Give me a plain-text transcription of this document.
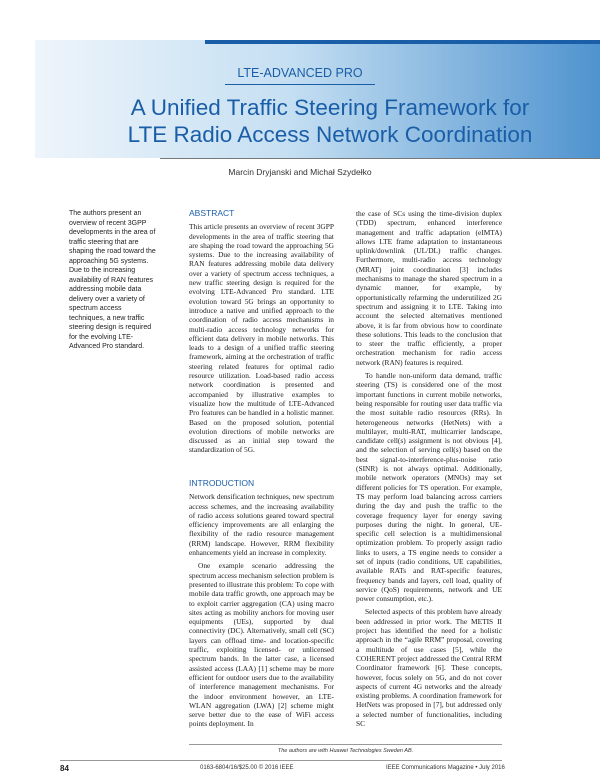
LTE-ADVANCED PRO
A Unified Traffic Steering Framework for
LTE Radio Access Network Coordination
Marcin Dryjanski and Michał Szydełko
The authors present an overview of recent 3GPP developments in the area of traffic steering that are shaping the road toward the approaching 5G systems. Due to the increasing availability of RAN features addressing mobile data delivery over a variety of spectrum access techniques, a new traffic steering design is required for the evolving LTE-Advanced Pro standard.
ABSTRACT

This article presents an overview of recent 3GPP developments in the area of traffic steering that are shaping the road toward the approaching 5G systems. Due to the increasing availability of RAN features addressing mobile data delivery over a variety of spectrum access techniques, a new traffic steering design is required for the evolving LTE-Advanced Pro standard. LTE evolution toward 5G brings an opportunity to introduce a native and unified approach to the coordination of radio access mechanisms in multi-radio access technology networks for efficient data delivery in mobile networks. This leads to a design of a unified traffic steering framework, aiming at the orchestration of traffic steering related features for optimal radio resource utilization. Load-based radio access network coordination is presented and accompanied by illustrative examples to visualize how the multitude of LTE-Advanced Pro features can be handled in a holistic manner. Based on the proposed solution, potential evolution directions of mobile networks are discussed as an initial step toward the standardization of 5G.

INTRODUCTION

Network densification techniques, new spectrum access schemes, and the increasing availability of radio access solutions geared toward spectral efficiency improvements are all enlarging the flexibility of the radio resource management (RRM) landscape. However, RRM flexibility enhancements yield an increase in complexity.

One example scenario addressing the spectrum access mechanism selection problem is presented to illustrate this problem: To cope with mobile data traffic growth, one approach may be to exploit carrier aggregation (CA) using macro sites acting as mobility anchors for moving user equipments (UEs), supported by dual connectivity (DC). Alternatively, small cell (SC) layers can offload time- and location-specific traffic, exploiting licensed- or unlicensed spectrum bands. In the latter case, a licensed assisted access (LAA) [1] scheme may be more efficient for outdoor users due to the availability of interference management mechanisms. For the indoor environment however, an LTE-WLAN aggregation (LWA) [2] scheme might serve better due to the ease of WiFi access points deployment. In

the case of SCs using the time-division duplex (TDD) spectrum, enhanced interference management and traffic adaptation (eIMTA) allows LTE frame adaptation to instantaneous uplink/downlink (UL/DL) traffic changes. Furthermore, multi-radio access technology (MRAT) joint coordination [3] includes mechanisms to manage the shared spectrum in a dynamic manner, for example, by opportunistically refarming the underutilized 2G spectrum and assigning it to LTE. Taking into account the selected alternatives mentioned above, it is far from obvious how to coordinate these solutions. This leads to the conclusion that to steer the traffic efficiently, a proper orchestration mechanism for radio access network (RAN) features is required.

To handle non-uniform data demand, traffic steering (TS) is considered one of the most important functions in current mobile networks, being responsible for routing user data traffic via the most suitable radio resources (RRs). In heterogeneous networks (HetNets) with a multilayer, multi-RAT, multicarrier landscape, candidate cell(s) assignment is not obvious [4], and the selection of serving cell(s) based on the best signal-to-interference-plus-noise ratio (SINR) is not always optimal. Additionally, mobile network operators (MNOs) may set different policies for TS operation. For example, TS may perform load balancing across carriers during the day and push the traffic to the coverage frequency layer for energy saving purposes during the night. In general, UE-specific cell selection is a multidimensional optimization problem. To properly assign radio links to users, a TS engine needs to consider a set of inputs (radio conditions, UE capabilities, available RATs and RAT-specific features, frequency bands and layers, cell load, quality of service (QoS) requirements, network and UE power consumption, etc.).

Selected aspects of this problem have already been addressed in prior work. The METIS II project has identified the need for a holistic approach in the “agile RRM” proposal, covering a multitude of use cases [5], while the COHERENT project addressed the Central RRM Coordinator framework [6]. These concepts, however, focus solely on 5G, and do not cover aspects of current 4G networks and the already existing problems. A coordination framework for HetNets was proposed in [7], but addressed only a selected number of functionalities, including SC

The authors are with Huawei Technologies Sweden AB.
84	0163-6804/16/$25.00 © 2016 IEEE	IEEE Communications Magazine • July 2016
